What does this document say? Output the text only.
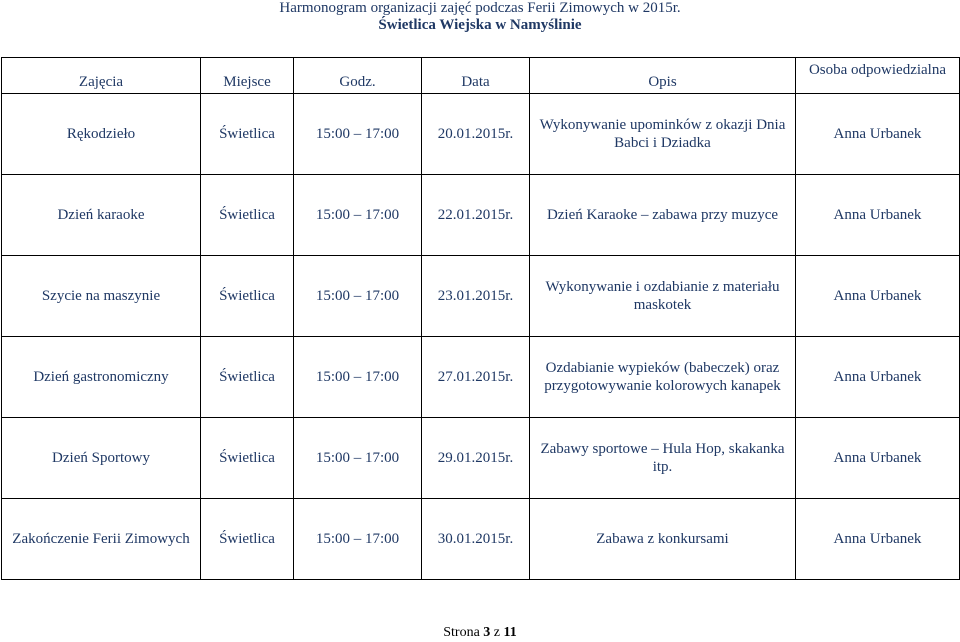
Harmonogram organizacji zajęć podczas Ferii Zimowych w 2015r.
Świetlica Wiejska w Namyślinie
Zajęcia	Miejsce	Godz.	Data	Opis	Osoba odpowiedzialna
Rękodzieło	Świetlica	15:00 – 17:00	20.01.2015r.	Wykonywanie upominków z okazji Dnia Babci i Dziadka	Anna Urbanek
Dzień karaoke	Świetlica	15:00 – 17:00	22.01.2015r.	Dzień Karaoke – zabawa przy muzyce	Anna Urbanek
Szycie na maszynie	Świetlica	15:00 – 17:00	23.01.2015r.	Wykonywanie i ozdabianie z materiału maskotek	Anna Urbanek
Dzień gastronomiczny	Świetlica	15:00 – 17:00	27.01.2015r.	Ozdabianie wypieków (babeczek) oraz przygotowywanie kolorowych kanapek	Anna Urbanek
Dzień Sportowy	Świetlica	15:00 – 17:00	29.01.2015r.	Zabawy sportowe – Hula Hop, skakanka itp.	Anna Urbanek
Zakończenie Ferii Zimowych	Świetlica	15:00 – 17:00	30.01.2015r.	Zabawa z konkursami	Anna Urbanek
Strona 3 z 11
